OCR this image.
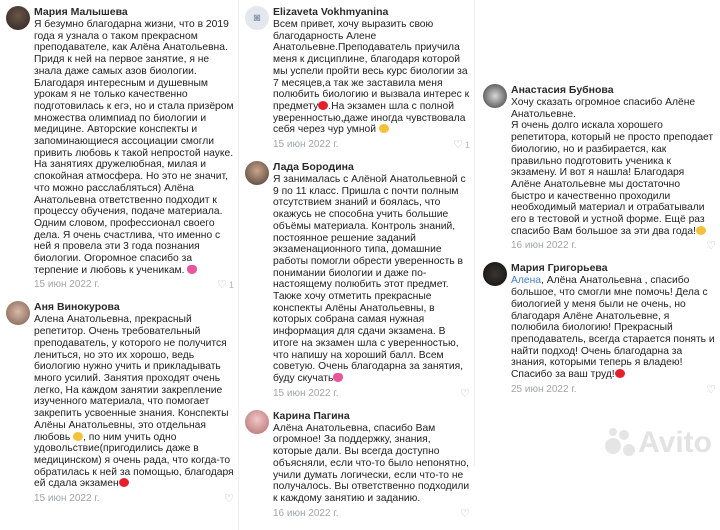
Мария Малышева
Я безумно благодарна жизни, что в 2019 года я узнала о таком прекрасном преподавателе, как Алёна Анатольевна. Придя к ней на первое занятие, я не знала даже самых азов биологии. Благодаря интересным и душевным урокам я не только качественно подготовилась к егэ, но и стала призёром множества олимпиад по биологии и медицине. Авторские конспекты и запоминающиеся ассоциации смогли привить любовь к такой непростой науке. На занятиях дружелюбная, милая и спокойная атмосфера. Но это не значит, что можно расслабляться) Алёна Анатольевна ответственно подходит к процессу обучения, подаче материала. Одним словом, профессионал своего дела. Я очень счастлива, что именно с ней я провела эти 3 года познания биологии. Огоромное спасибо за терпение и любовь к ученикам.
15 июн 2022 г.	♡ 1
Аня Винокурова
Алена Анатольевна, прекрасный репетитор. Очень требовательный преподаватель, у которого не получится лениться, но это их хорошо, ведь биологию нужно учить и прикладывать много усилий. Занятия проходят очень легко, На каждом занятии закрепление изученного материала, что помогает закрепить усвоенные знания. Конспекты Алёны Анатольевны, это отдельная любовь , по ним учить одно удовольствие(пригодились даже в медицинском) я очень рада, что когда-то обратилась к ней за помощью, благодаря ей сдала экзамен
15 июн 2022 г.	♡
◙	Elizaveta Vokhmyanina
Всем привет, хочу выразить свою благодарность Алене Анатольевне.Преподаватель приучила меня к дисциплине, благодаря которой мы успели пройти весь курс биологии за 7 месяцев,а так же заставила меня полюбить биологию и вызвала интерес к предмету .На экзамен шла с полной уверенностью,даже иногда чувствовала себя через чур умной
15 июн 2022 г.	♡ 1
Лада Бородина
Я занималась с Алёной Анатольевной с 9 по 11 класс. Пришла с почти полным отсутствием знаний и боялась, что окажусь не способна учить большие объёмы материала. Контроль знаний, постоянное решение заданий экзаменационного типа, домашние работы помогли обрести уверенность в понимании биологии и даже по-настоящему полюбить этот предмет. Также хочу отметить прекрасные конспекты Алёны Анатольевны, в которых собрана самая нужная информация для сдачи экзамена. В итоге на экзамен шла с уверенностью, что напишу на хороший балл. Всем советую. Очень благодарна за занятия, буду скучать
15 июн 2022 г.	♡
Карина Пагина
Алёна Анатольевна, спасибо Вам огромное! За поддержку, знания, которые дали. Вы всегда доступно объясняли, если что-то было непонятно, учили думать логически, если что-то не получалось. Вы ответственно подходили к каждому занятию и заданию.
16 июн 2022 г.	♡
Анастасия Бубнова
Хочу сказать огромное спасибо Алёне Анатольевне.
Я очень долго искала хорошего репетитора, который не просто преподает биологию, но и разбирается, как правильно подготовить ученика к экзамену. И вот я нашла! Благодаря Алёне Анатольевне мы достаточно быстро и качественно проходили необходимый материал и отрабатывали его в тестовой и устной форме. Ещё раз спасибо Вам большое за эти два года!
16 июн 2022 г.	♡
Мария Григорьева
Алена, Алёна Анатольевна , спасибо большое, что смогли мне помочь! Дела с биологией у меня были не очень, но благодаря Алёне Анатольевне, я полюбила биологию! Прекрасный преподаватель, всегда старается понять и найти подход! Очень благодарна за знания, которыми теперь я владею! Спасибо за ваш труд!
25 июн 2022 г.	♡
Avito
